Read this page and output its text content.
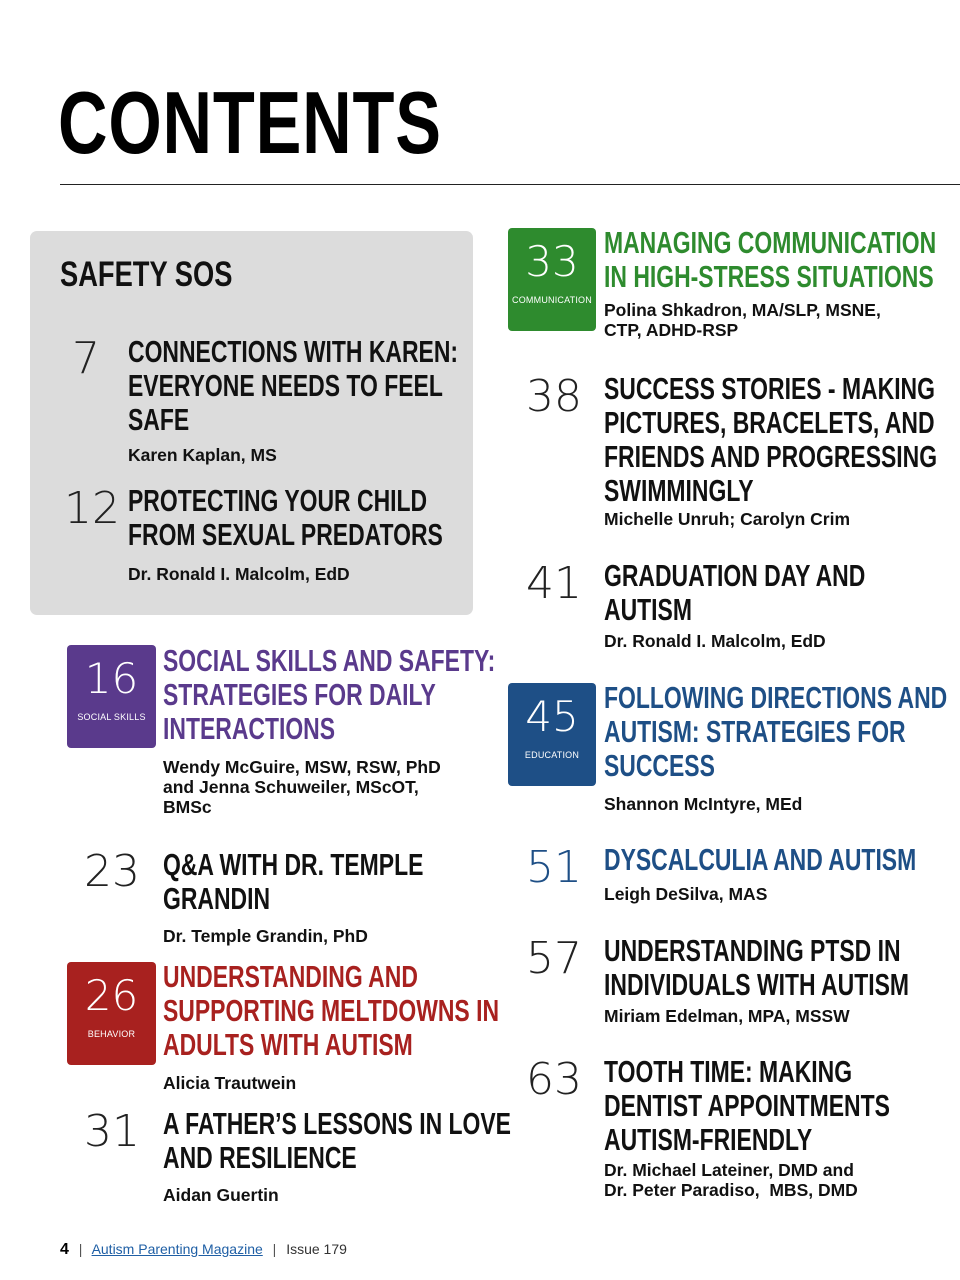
CONTENTS
SAFETY SOS
7 CONNECTIONS WITH KAREN:
EVERYONE NEEDS TO FEEL
SAFE
Karen Kaplan, MS
12 PROTECTING YOUR CHILD
FROM SEXUAL PREDATORS
Dr. Ronald I. Malcolm, EdD
16
SOCIAL SKILLS
SOCIAL SKILLS AND SAFETY:
STRATEGIES FOR DAILY
INTERACTIONS
Wendy McGuire, MSW, RSW, PhD
and Jenna Schuweiler, MScOT,
BMSc
23 Q&A WITH DR. TEMPLE
GRANDIN
Dr. Temple Grandin, PhD
26
BEHAVIOR
UNDERSTANDING AND
SUPPORTING MELTDOWNS IN
ADULTS WITH AUTISM
Alicia Trautwein
31 A FATHER’S LESSONS IN LOVE
AND RESILIENCE
Aidan Guertin
33
COMMUNICATION
MANAGING COMMUNICATION
IN HIGH-STRESS SITUATIONS
Polina Shkadron, MA/SLP, MSNE,
CTP, ADHD-RSP
38 SUCCESS STORIES - MAKING
PICTURES, BRACELETS, AND
FRIENDS AND PROGRESSING
SWIMMINGLY
Michelle Unruh; Carolyn Crim
41 GRADUATION DAY AND
AUTISM
Dr. Ronald I. Malcolm, EdD
45
EDUCATION
FOLLOWING DIRECTIONS AND
AUTISM: STRATEGIES FOR
SUCCESS
Shannon McIntyre, MEd
51 DYSCALCULIA AND AUTISM
Leigh DeSilva, MAS
57 UNDERSTANDING PTSD IN
INDIVIDUALS WITH AUTISM
Miriam Edelman, MPA, MSSW
63 TOOTH TIME: MAKING
DENTIST APPOINTMENTS
AUTISM-FRIENDLY
Dr. Michael Lateiner, DMD and
Dr. Peter Paradiso,  MBS, DMD
4 | Autism Parenting Magazine | Issue 179
